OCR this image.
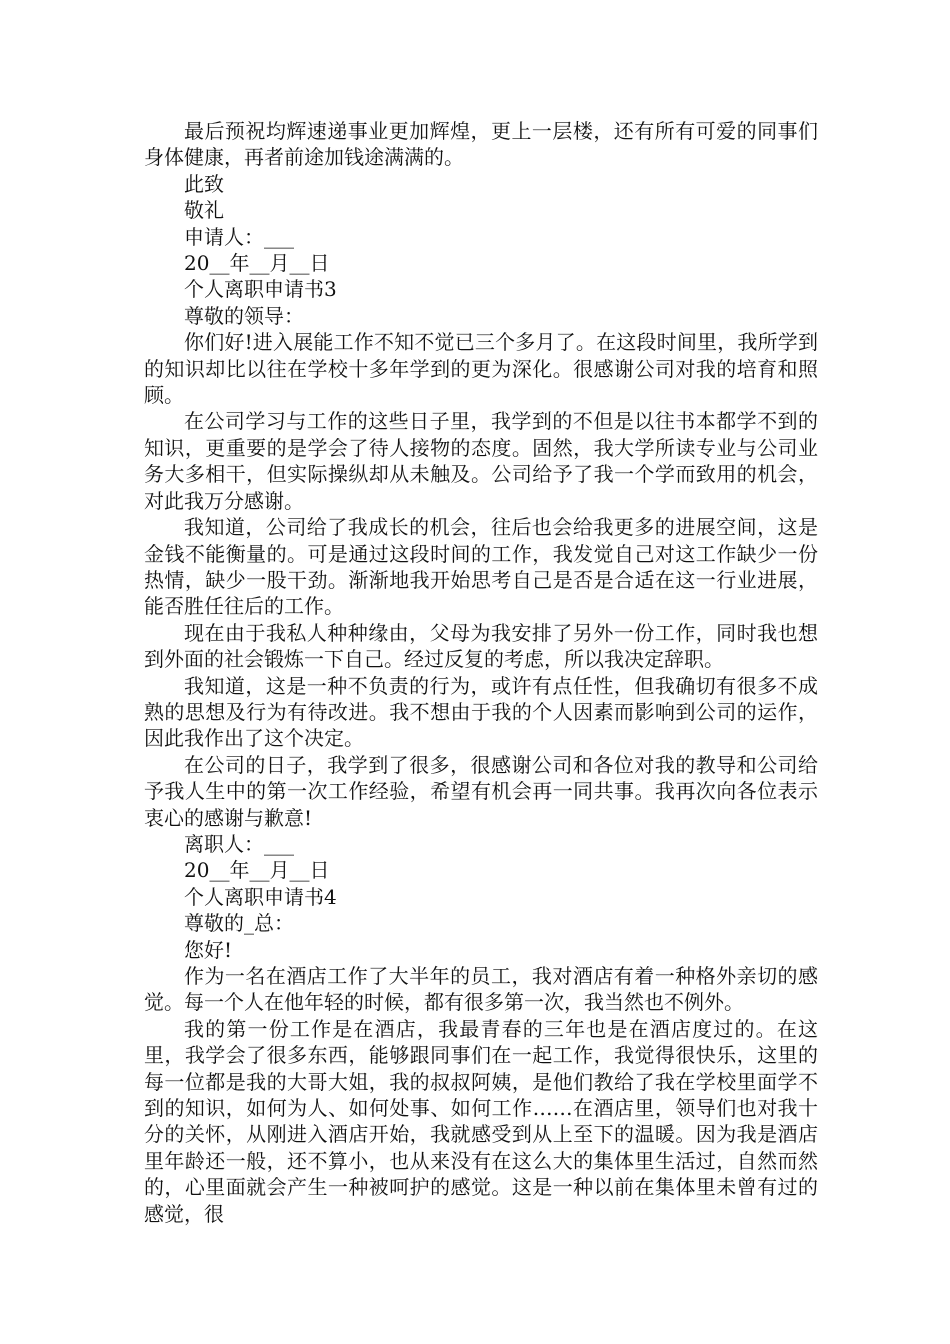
最后预祝均辉速递事业更加辉煌，更上一层楼，还有所有可爱的同事们身体健康，再者前途加钱途满满的。
此致
敬礼
申请人：___
20__年__月__日
个人离职申请书3
尊敬的领导：
你们好!进入展能工作不知不觉已三个多月了。在这段时间里，我所学到的知识却比以往在学校十多年学到的更为深化。很感谢公司对我的培育和照顾。
在公司学习与工作的这些日子里，我学到的不但是以往书本都学不到的知识，更重要的是学会了待人接物的态度。固然，我大学所读专业与公司业务大多相干，但实际操纵却从未触及。公司给予了我一个学而致用的机会，对此我万分感谢。
我知道，公司给了我成长的机会，往后也会给我更多的进展空间，这是金钱不能衡量的。可是通过这段时间的工作，我发觉自己对这工作缺少一份热情，缺少一股干劲。渐渐地我开始思考自己是否是合适在这一行业进展，能否胜任往后的工作。
现在由于我私人种种缘由，父母为我安排了另外一份工作，同时我也想到外面的社会锻炼一下自己。经过反复的考虑，所以我决定辞职。
我知道，这是一种不负责的行为，或许有点任性，但我确切有很多不成熟的思想及行为有待改进。我不想由于我的个人因素而影响到公司的运作，因此我作出了这个决定。
在公司的日子，我学到了很多，很感谢公司和各位对我的教导和公司给予我人生中的第一次工作经验，希望有机会再一同共事。我再次向各位表示衷心的感谢与歉意!
离职人：___
20__年__月__日
个人离职申请书4
尊敬的_总：
您好!
作为一名在酒店工作了大半年的员工，我对酒店有着一种格外亲切的感觉。每一个人在他年轻的时候，都有很多第一次，我当然也不例外。
我的第一份工作是在酒店，我最青春的三年也是在酒店度过的。在这里，我学会了很多东西，能够跟同事们在一起工作，我觉得很快乐，这里的每一位都是我的大哥大姐，我的叔叔阿姨，是他们教给了我在学校里面学不到的知识，如何为人、如何处事、如何工作……在酒店里，领导们也对我十分的关怀，从刚进入酒店开始，我就感受到从上至下的温暖。因为我是酒店里年龄还一般，还不算小，也从来没有在这么大的集体里生活过，自然而然的，心里面就会产生一种被呵护的感觉。这是一种以前在集体里未曾有过的感觉，很
